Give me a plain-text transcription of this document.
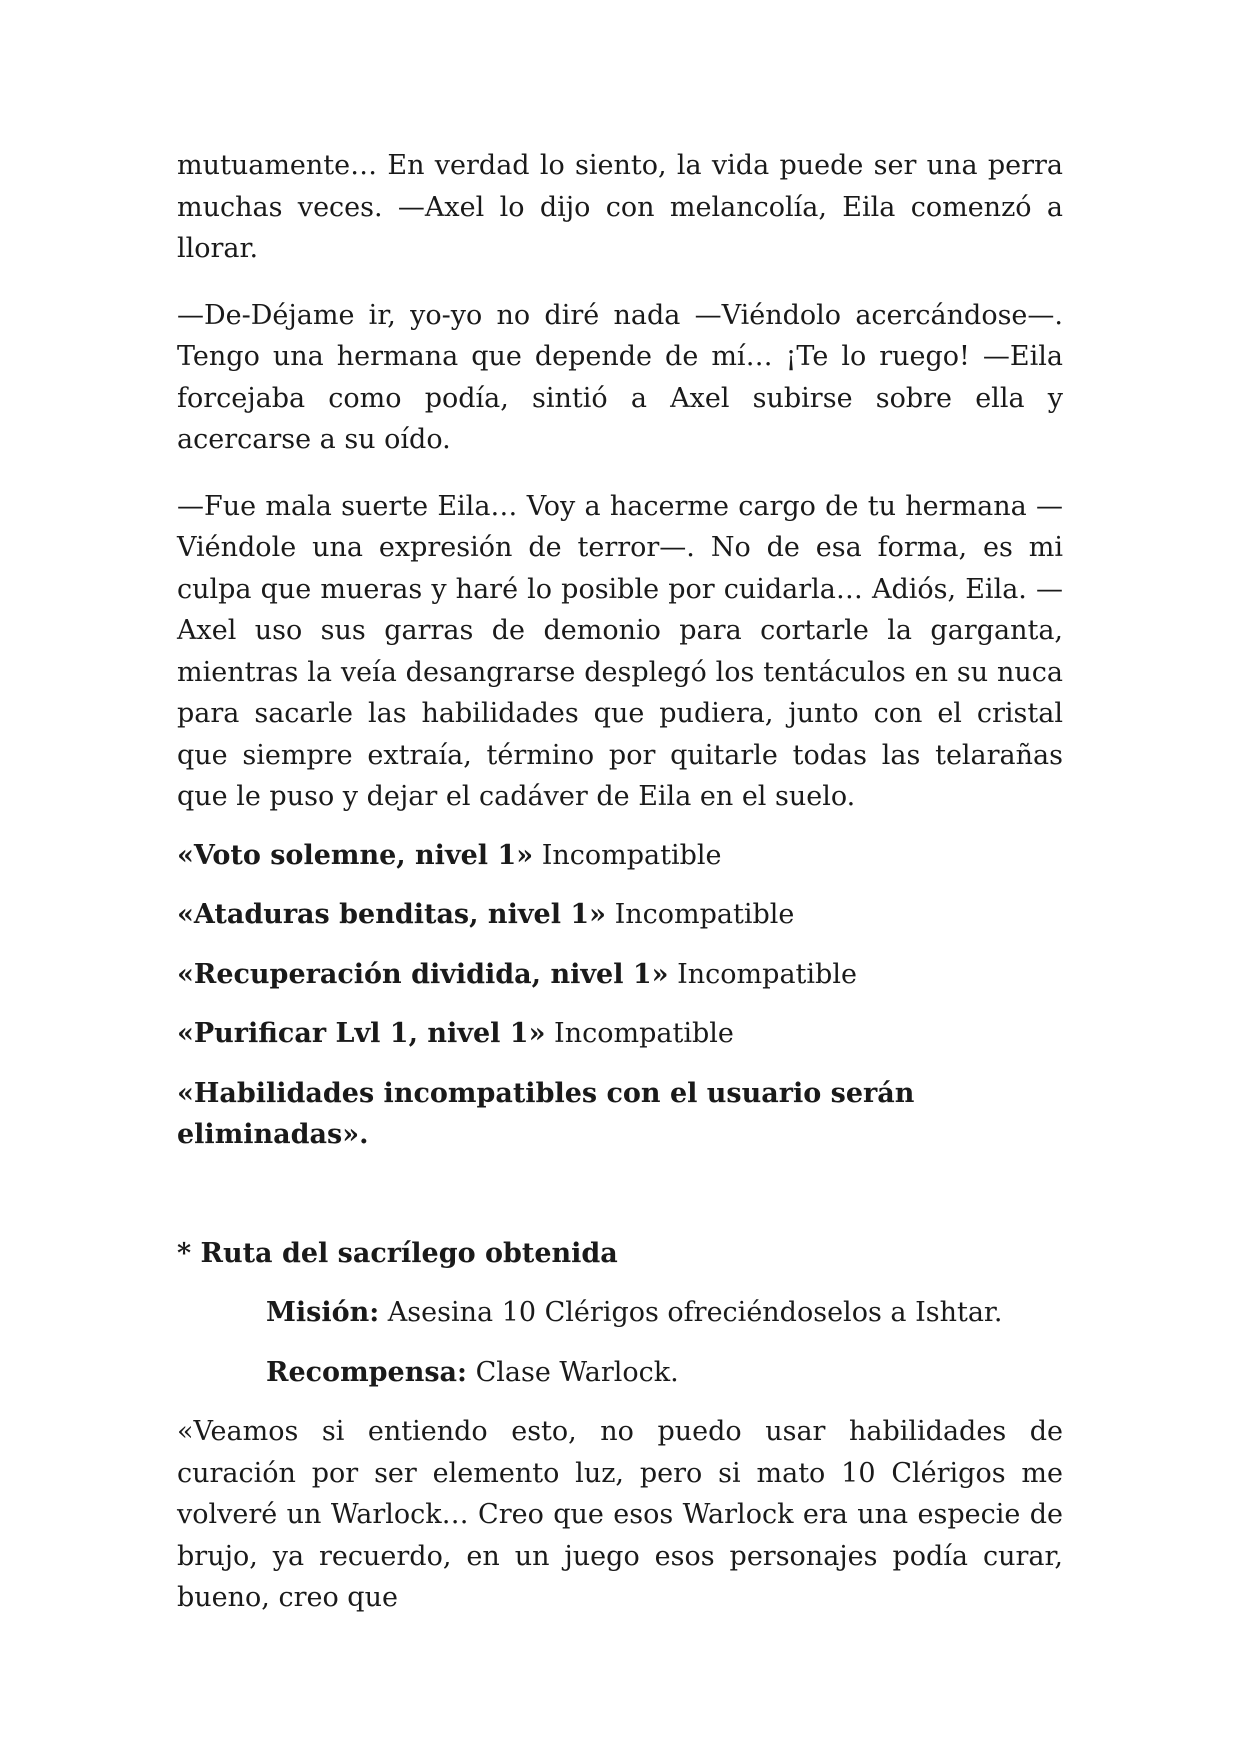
mutuamente… En verdad lo siento, la vida puede ser una perra muchas veces. —Axel lo dijo con melancolía, Eila comenzó a llorar.

—De-Déjame ir, yo-yo no diré nada —Viéndolo acercándose—. Tengo una hermana que depende de mí… ¡Te lo ruego! —Eila forcejaba como podía, sintió a Axel subirse sobre ella y acercarse a su oído.

—Fue mala suerte Eila… Voy a hacerme cargo de tu hermana —Viéndole una expresión de terror—. No de esa forma, es mi culpa que mueras y haré lo posible por cuidarla… Adiós, Eila. —Axel uso sus garras de demonio para cortarle la garganta, mientras la veía desangrarse desplegó los tentáculos en su nuca para sacarle las habilidades que pudiera, junto con el cristal que siempre extraía, término por quitarle todas las telarañas que le puso y dejar el cadáver de Eila en el suelo.

«Voto solemne, nivel 1» Incompatible

«Ataduras benditas, nivel 1» Incompatible

«Recuperación dividida, nivel 1» Incompatible

«Purificar Lvl 1, nivel 1» Incompatible

«Habilidades incompatibles con el usuario serán eliminadas».

* Ruta del sacrílego obtenida

Misión: Asesina 10 Clérigos ofreciéndoselos a Ishtar.

Recompensa: Clase Warlock.

«Veamos si entiendo esto, no puedo usar habilidades de curación por ser elemento luz, pero si mato 10 Clérigos me volveré un Warlock… Creo que esos Warlock era una especie de brujo, ya recuerdo, en un juego esos personajes podía curar, bueno, creo que
